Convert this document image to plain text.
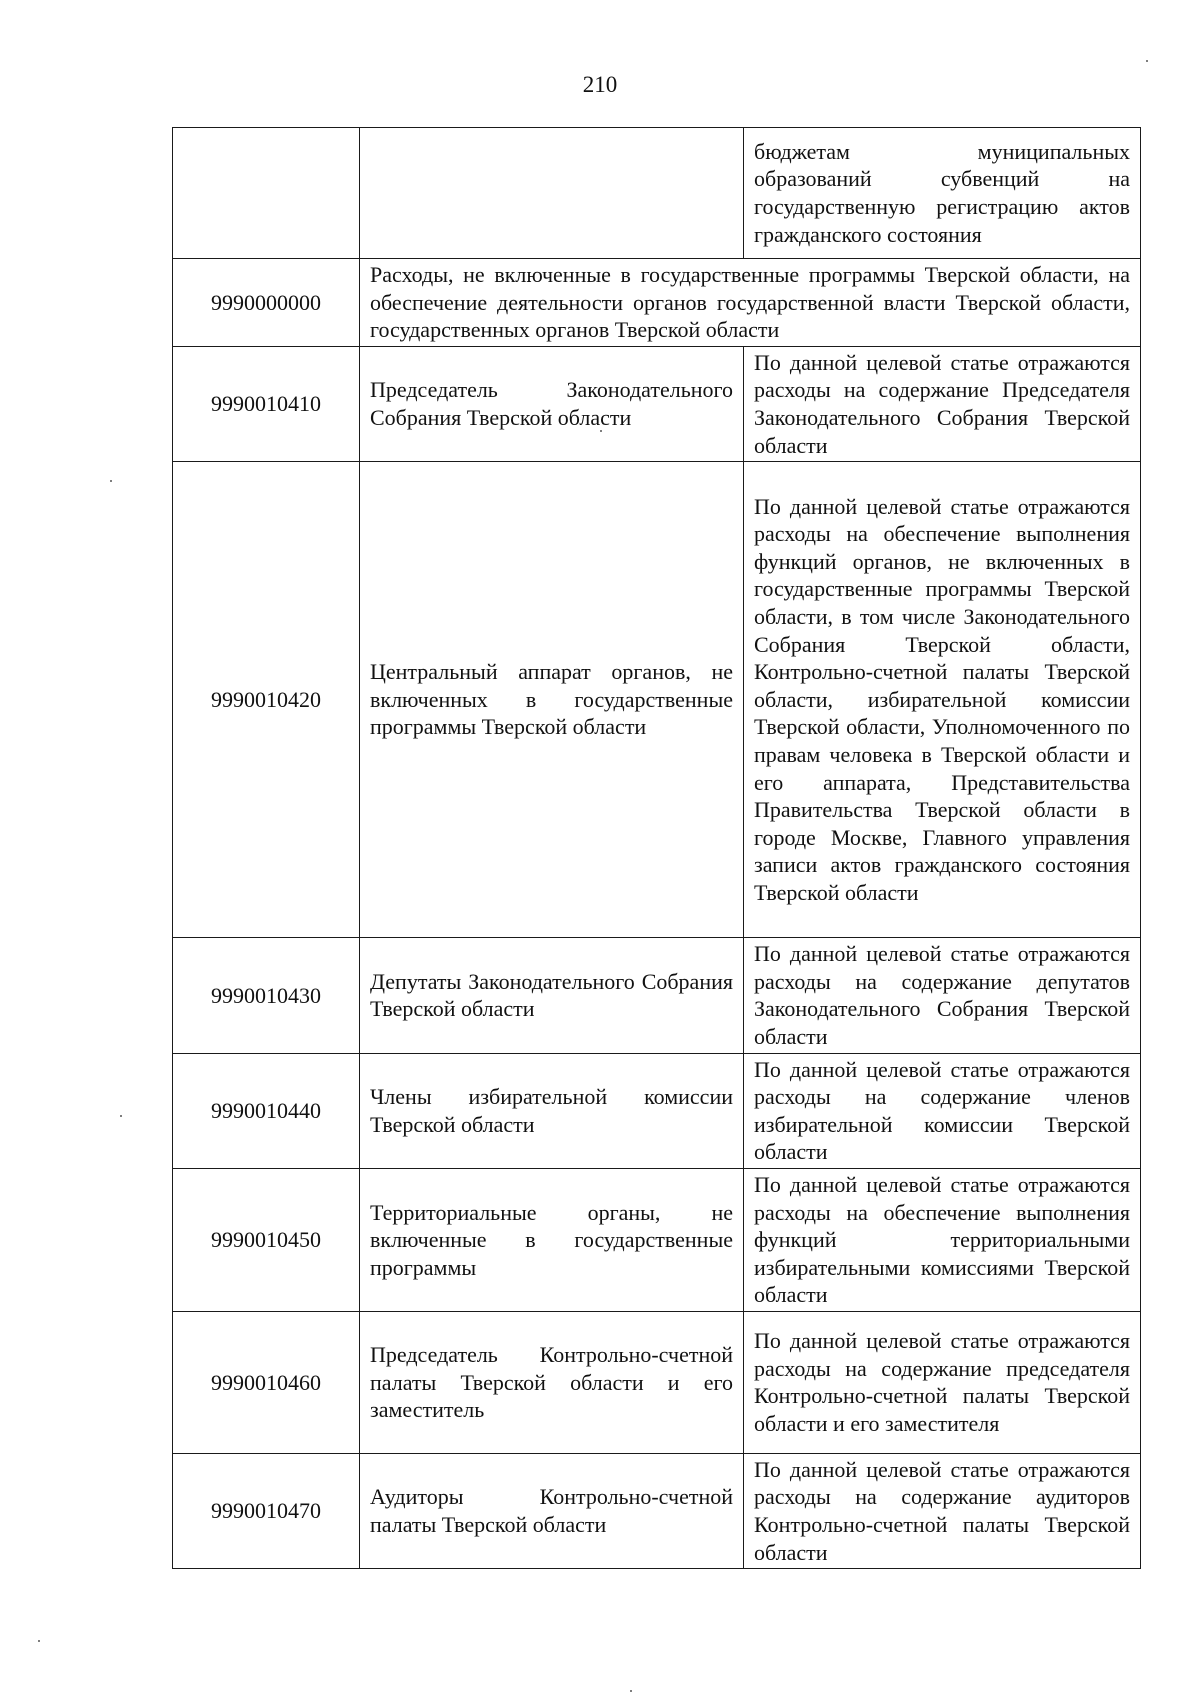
210
		бюджетам муниципальных образований субвенций на государственную регистрацию актов гражданского состояния
9990000000	Расходы, не включенные в государственные программы Тверской области, на обеспечение деятельности органов государственной власти Тверской области, государственных органов Тверской области	
9990010410	Председатель Законодательного Собрания Тверской области	По данной целевой статье отражаются расходы на содержание Председателя Законодательного Собрания Тверской области
9990010420	Центральный аппарат органов, не включенных в государственные программы Тверской области	По данной целевой статье отражаются расходы на обеспечение выполнения функций органов, не включенных в государственные программы Тверской области, в том числе Законодательного Собрания Тверской области, Контрольно-счетной палаты Тверской области, избирательной комиссии Тверской области, Уполномоченного по правам человека в Тверской области и его аппарата, Представительства Правительства Тверской области в городе Москве, Главного управления записи актов гражданского состояния Тверской области
9990010430	Депутаты Законодательного Собрания Тверской области	По данной целевой статье отражаются расходы на содержание депутатов Законодательного Собрания Тверской области
9990010440	Члены избирательной комиссии Тверской области	По данной целевой статье отражаются расходы на содержание членов избирательной комиссии Тверской области
9990010450	Территориальные органы, не включенные в государственные программы	По данной целевой статье отражаются расходы на обеспечение выполнения функций территориальными избирательными комиссиями Тверской области
9990010460	Председатель Контрольно-счетной палаты Тверской области и его заместитель	По данной целевой статье отражаются расходы на содержание председателя Контрольно-счетной палаты Тверской области и его заместителя
9990010470	Аудиторы Контрольно-счетной палаты Тверской области	По данной целевой статье отражаются расходы на содержание аудиторов Контрольно-счетной палаты Тверской области
